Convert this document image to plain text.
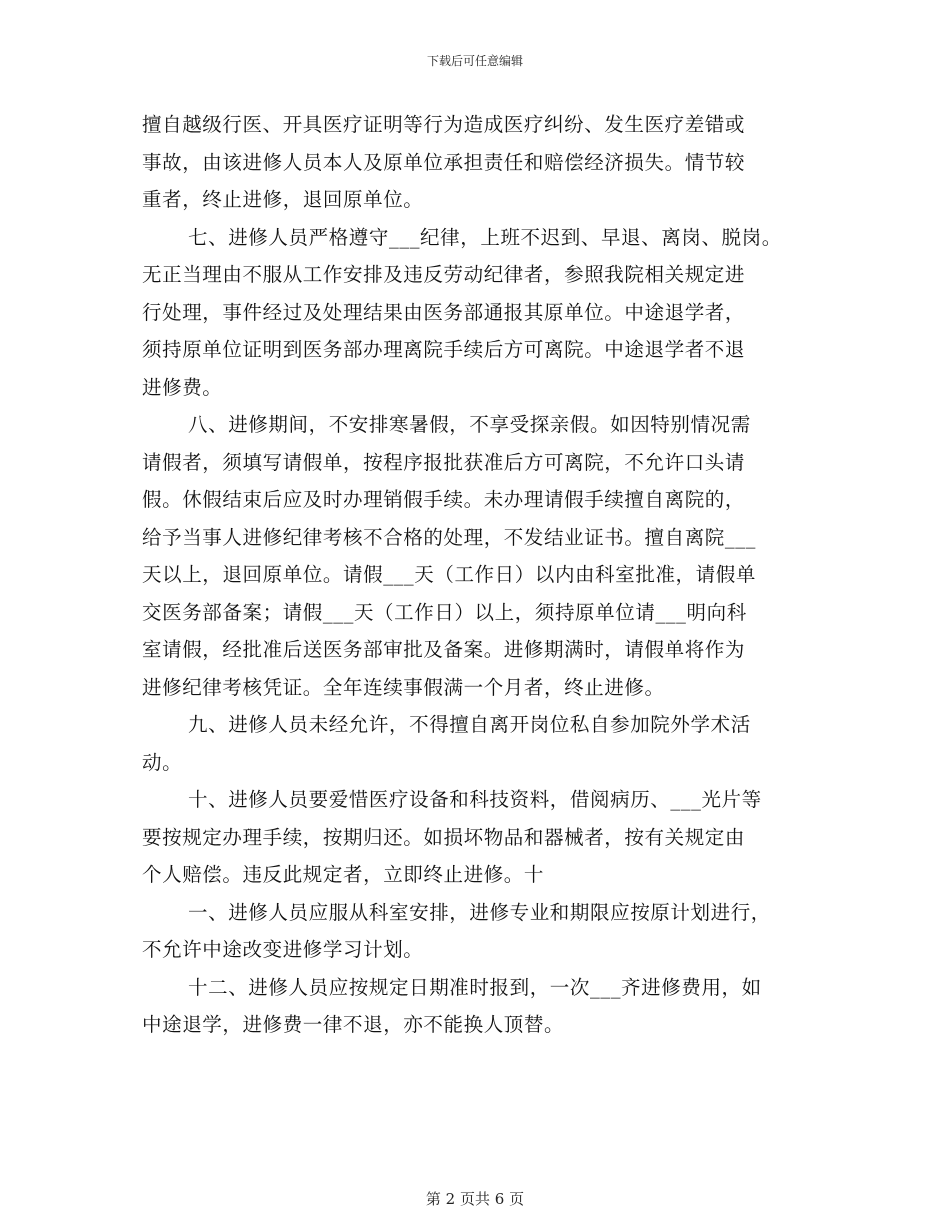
下载后可任意编辑
擅自越级行医、开具医疗证明等行为造成医疗纠纷、发生医疗差错或
事故，由该进修人员本人及原单位承担责任和赔偿经济损失。情节较
重者，终止进修，退回原单位。
七、进修人员严格遵守___纪律，上班不迟到、早退、离岗、脱岗。
无正当理由不服从工作安排及违反劳动纪律者，参照我院相关规定进
行处理，事件经过及处理结果由医务部通报其原单位。中途退学者，
须持原单位证明到医务部办理离院手续后方可离院。中途退学者不退
进修费。
八、进修期间，不安排寒暑假，不享受探亲假。如因特别情况需
请假者，须填写请假单，按程序报批获准后方可离院，不允许口头请
假。休假结束后应及时办理销假手续。未办理请假手续擅自离院的，
给予当事人进修纪律考核不合格的处理，不发结业证书。擅自离院___
天以上，退回原单位。请假___天（工作日）以内由科室批准，请假单
交医务部备案；请假___天（工作日）以上，须持原单位请___明向科
室请假，经批准后送医务部审批及备案。进修期满时，请假单将作为
进修纪律考核凭证。全年连续事假满一个月者，终止进修。
九、进修人员未经允许，不得擅自离开岗位私自参加院外学术活
动。
十、进修人员要爱惜医疗设备和科技资料，借阅病历、___光片等
要按规定办理手续，按期归还。如损坏物品和器械者，按有关规定由
个人赔偿。违反此规定者，立即终止进修。十
一、进修人员应服从科室安排，进修专业和期限应按原计划进行，
不允许中途改变进修学习计划。
十二、进修人员应按规定日期准时报到，一次___齐进修费用，如
中途退学，进修费一律不退，亦不能换人顶替。
第 2 页共 6 页
